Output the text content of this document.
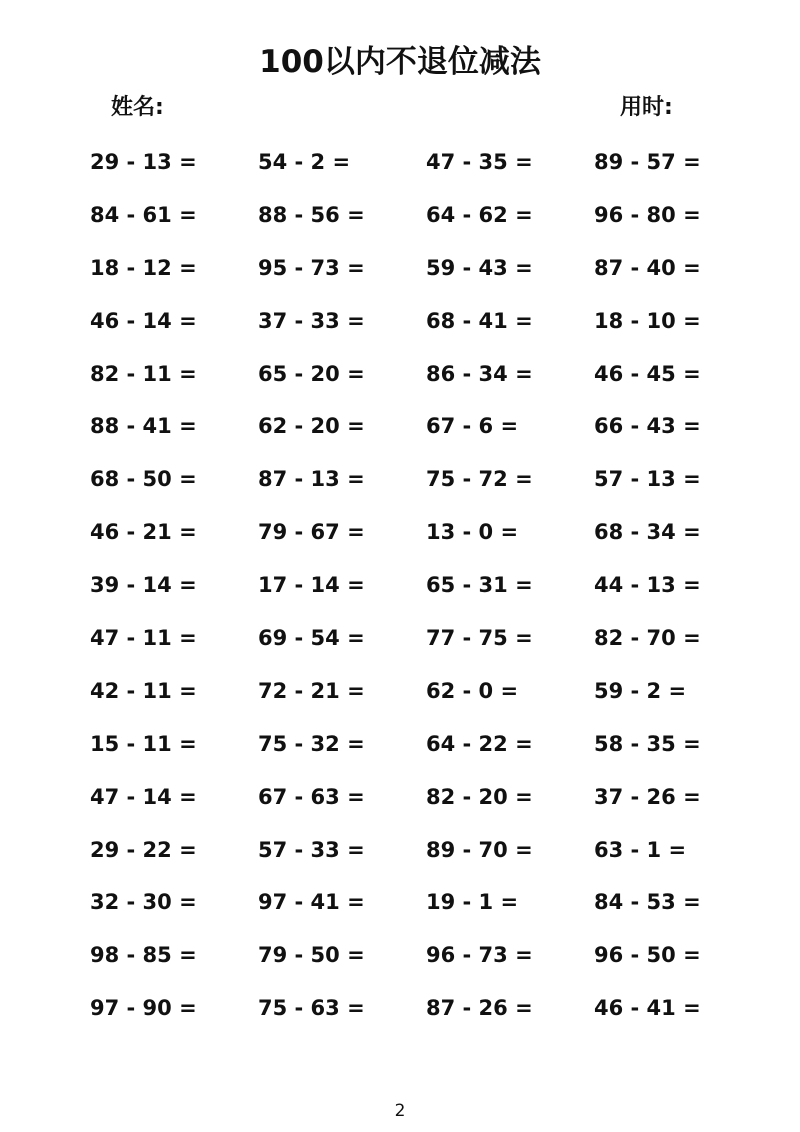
100以内不退位减法
姓名:	用时:
29 - 13 =	54 - 2 =	47 - 35 =	89 - 57 =
84 - 61 =	88 - 56 =	64 - 62 =	96 - 80 =
18 - 12 =	95 - 73 =	59 - 43 =	87 - 40 =
46 - 14 =	37 - 33 =	68 - 41 =	18 - 10 =
82 - 11 =	65 - 20 =	86 - 34 =	46 - 45 =
88 - 41 =	62 - 20 =	67 - 6 =	66 - 43 =
68 - 50 =	87 - 13 =	75 - 72 =	57 - 13 =
46 - 21 =	79 - 67 =	13 - 0 =	68 - 34 =
39 - 14 =	17 - 14 =	65 - 31 =	44 - 13 =
47 - 11 =	69 - 54 =	77 - 75 =	82 - 70 =
42 - 11 =	72 - 21 =	62 - 0 =	59 - 2 =
15 - 11 =	75 - 32 =	64 - 22 =	58 - 35 =
47 - 14 =	67 - 63 =	82 - 20 =	37 - 26 =
29 - 22 =	57 - 33 =	89 - 70 =	63 - 1 =
32 - 30 =	97 - 41 =	19 - 1 =	84 - 53 =
98 - 85 =	79 - 50 =	96 - 73 =	96 - 50 =
97 - 90 =	75 - 63 =	87 - 26 =	46 - 41 =
2
